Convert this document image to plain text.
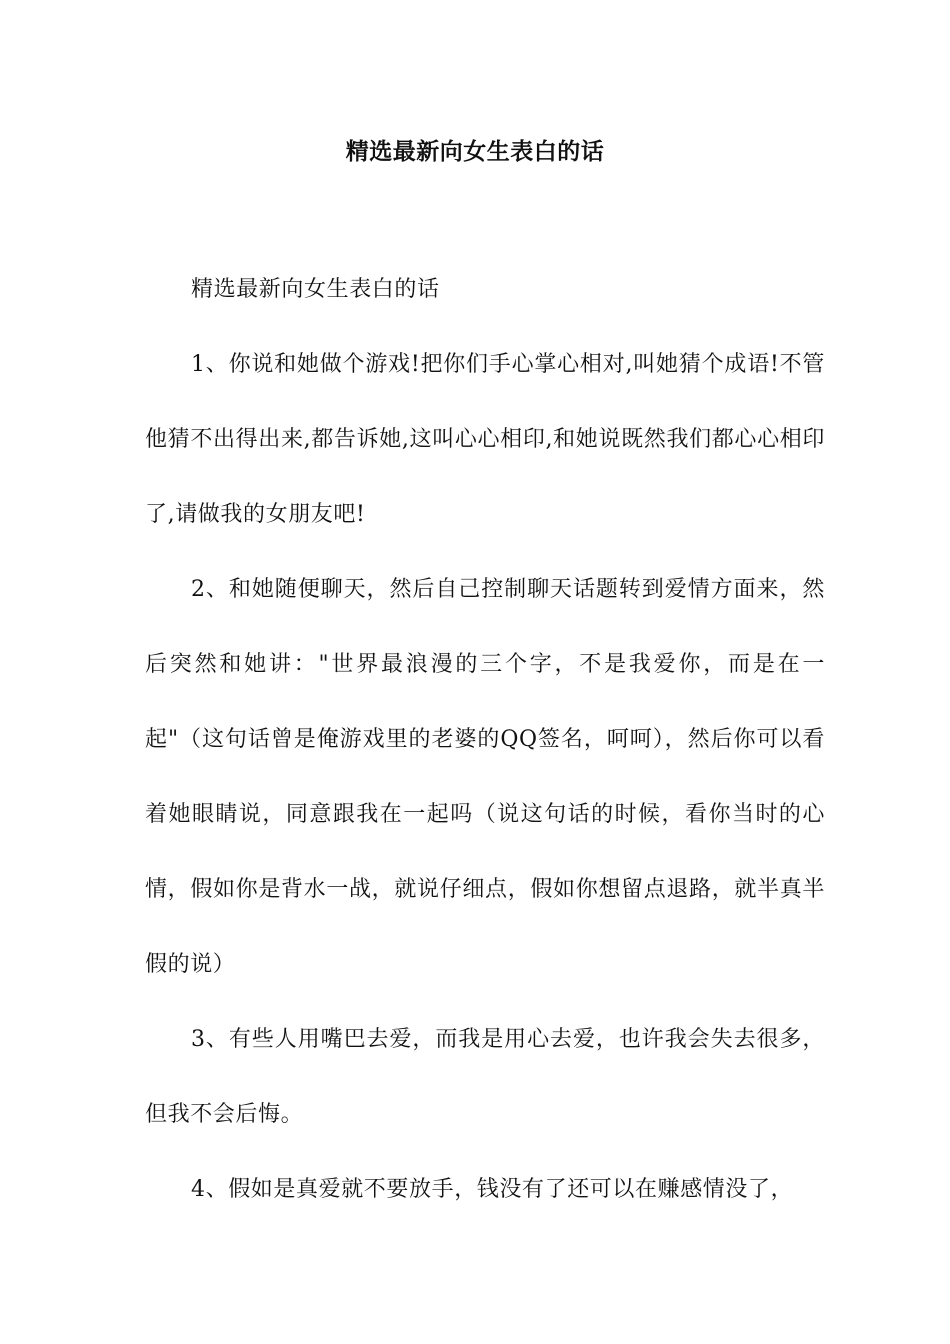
精选最新向女生表白的话

精选最新向女生表白的话

1、你说和她做个游戏!把你们手心掌心相对,叫她猜个成语!不管他猜不出得出来,都告诉她,这叫心心相印,和她说既然我们都心心相印了,请做我的女朋友吧!

2、和她随便聊天，然后自己控制聊天话题转到爱情方面来，然后突然和她讲："世界最浪漫的三个字，不是我爱你，而是在一起"（这句话曾是俺游戏里的老婆的QQ签名，呵呵），然后你可以看着她眼睛说，同意跟我在一起吗（说这句话的时候，看你当时的心情，假如你是背水一战，就说仔细点，假如你想留点退路，就半真半假的说）

3、有些人用嘴巴去爱，而我是用心去爱，也许我会失去很多，但我不会后悔。

4、假如是真爱就不要放手，钱没有了还可以在赚感情没了，
